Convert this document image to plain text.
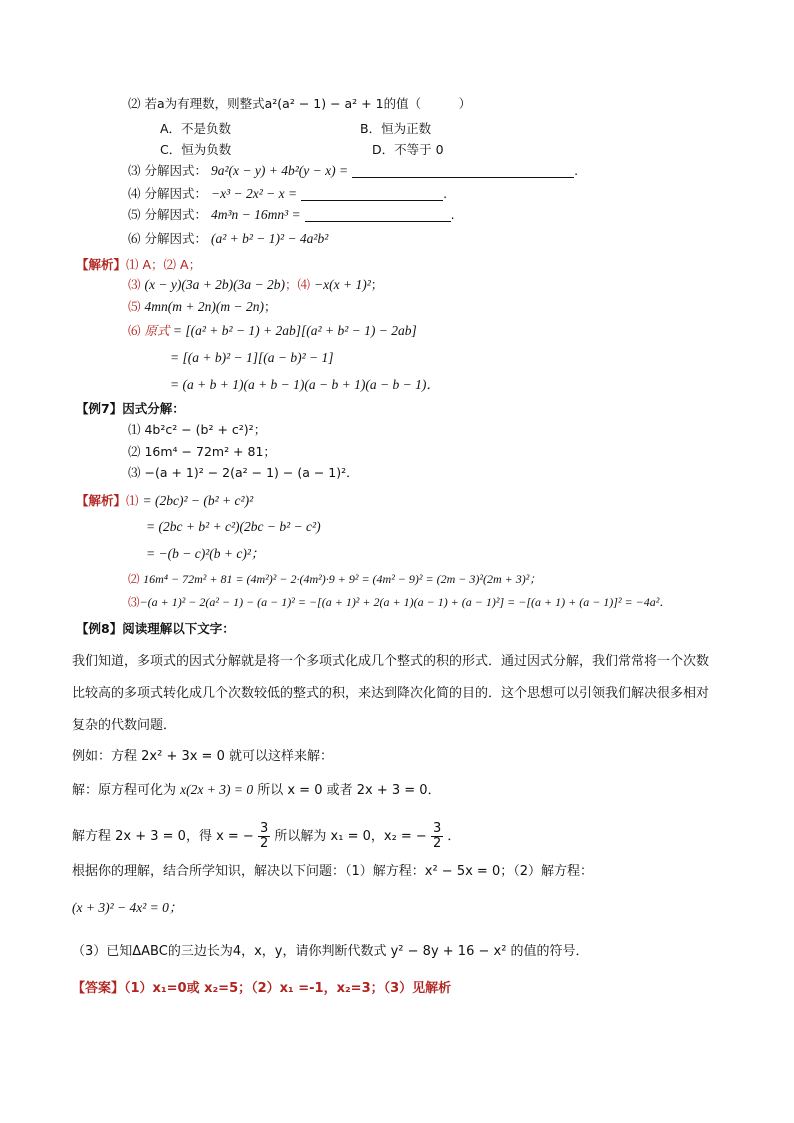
⑵ 若a为有理数，则整式a²(a² − 1) − a² + 1的值（　　　）
A．不是负数	B．恒为正数
C．恒为负数	D．不等于 0
⑶ 分解因式： 9a²(x − y) + 4b²(y − x) =	.
⑷ 分解因式： −x³ − 2x² − x =	.
⑸ 分解因式： 4m³n − 16mn³ =	.
⑹ 分解因式： (a² + b² − 1)² − 4a²b²
【解析】⑴ A；⑵ A；
⑶ (x − y)(3a + 2b)(3a − 2b)；⑷ −x(x + 1)²；
⑸ 4mn(m + 2n)(m − 2n)；
⑹ 原式 = [(a² + b² − 1) + 2ab][(a² + b² − 1) − 2ab]
= [(a + b)² − 1][(a − b)² − 1]
= (a + b + 1)(a + b − 1)(a − b + 1)(a − b − 1)．
【例7】因式分解：
⑴ 4b²c² − (b² + c²)²；
⑵ 16m⁴ − 72m² + 81；
⑶ −(a + 1)² − 2(a² − 1) − (a − 1)²．
【解析】⑴ = (2bc)² − (b² + c²)²
= (2bc + b² + c²)(2bc − b² − c²)
= −(b − c)²(b + c)²；
⑵ 16m⁴ − 72m² + 81 = (4m²)² − 2·(4m²)·9 + 9² = (4m² − 9)² = (2m − 3)²(2m + 3)²；
⑶−(a + 1)² − 2(a² − 1) − (a − 1)² = −[(a + 1)² + 2(a + 1)(a − 1) + (a − 1)²] = −[(a + 1) + (a − 1)]² = −4a²．
【例8】阅读理解以下文字：
我们知道，多项式的因式分解就是将一个多项式化成几个整式的积的形式．通过因式分解，我们常常将一个次数比较高的多项式转化成几个次数较低的整式的积，来达到降次化简的目的．这个思想可以引领我们解决很多相对复杂的代数问题．
例如：方程 2x² + 3x = 0 就可以这样来解：
解：原方程可化为 x(2x + 3) = 0 所以 x = 0 或者 2x + 3 = 0．
解方程 2x + 3 = 0，得 x = − $\frac{3}{2}$ 所以解为 x₁ = 0，x₂ = − $\frac{3}{2}$ ．
根据你的理解，结合所学知识，解决以下问题：（1）解方程：x² − 5x = 0；（2）解方程：
(x + 3)² − 4x² = 0；
（3）已知ΔABC的三边长为4，x，y，请你判断代数式 y² − 8y + 16 − x² 的值的符号．
【答案】（1）x₁=0或 x₂=5；（2）x₁ =-1，x₂=3；（3）见解析
